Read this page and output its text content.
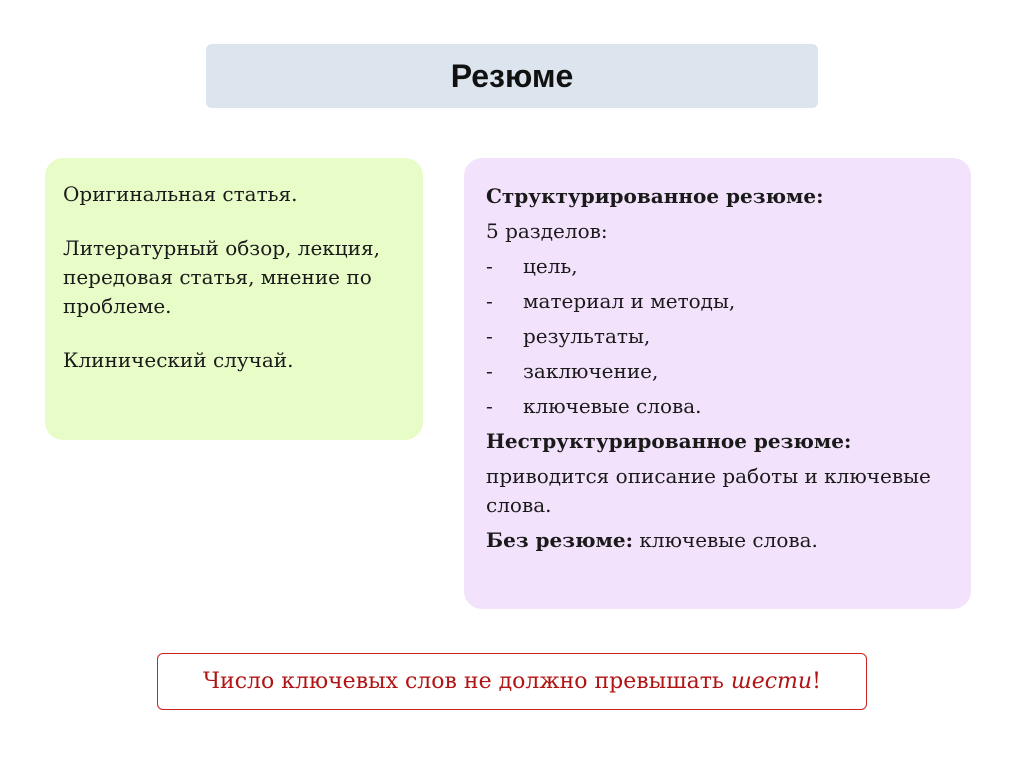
Резюме

Оригинальная статья.

Литературный обзор, лекция, передовая статья, мнение по проблеме.

Клинический случай.

Структурированное резюме:
5 разделов:
-	цель,
-	материал и методы,
-	результаты,
-	заключение,
-	ключевые слова.
Неструктурированное резюме:
приводится описание работы и ключевые слова.
Без резюме: ключевые слова.
Число ключевых слов не должно превышать шести!
